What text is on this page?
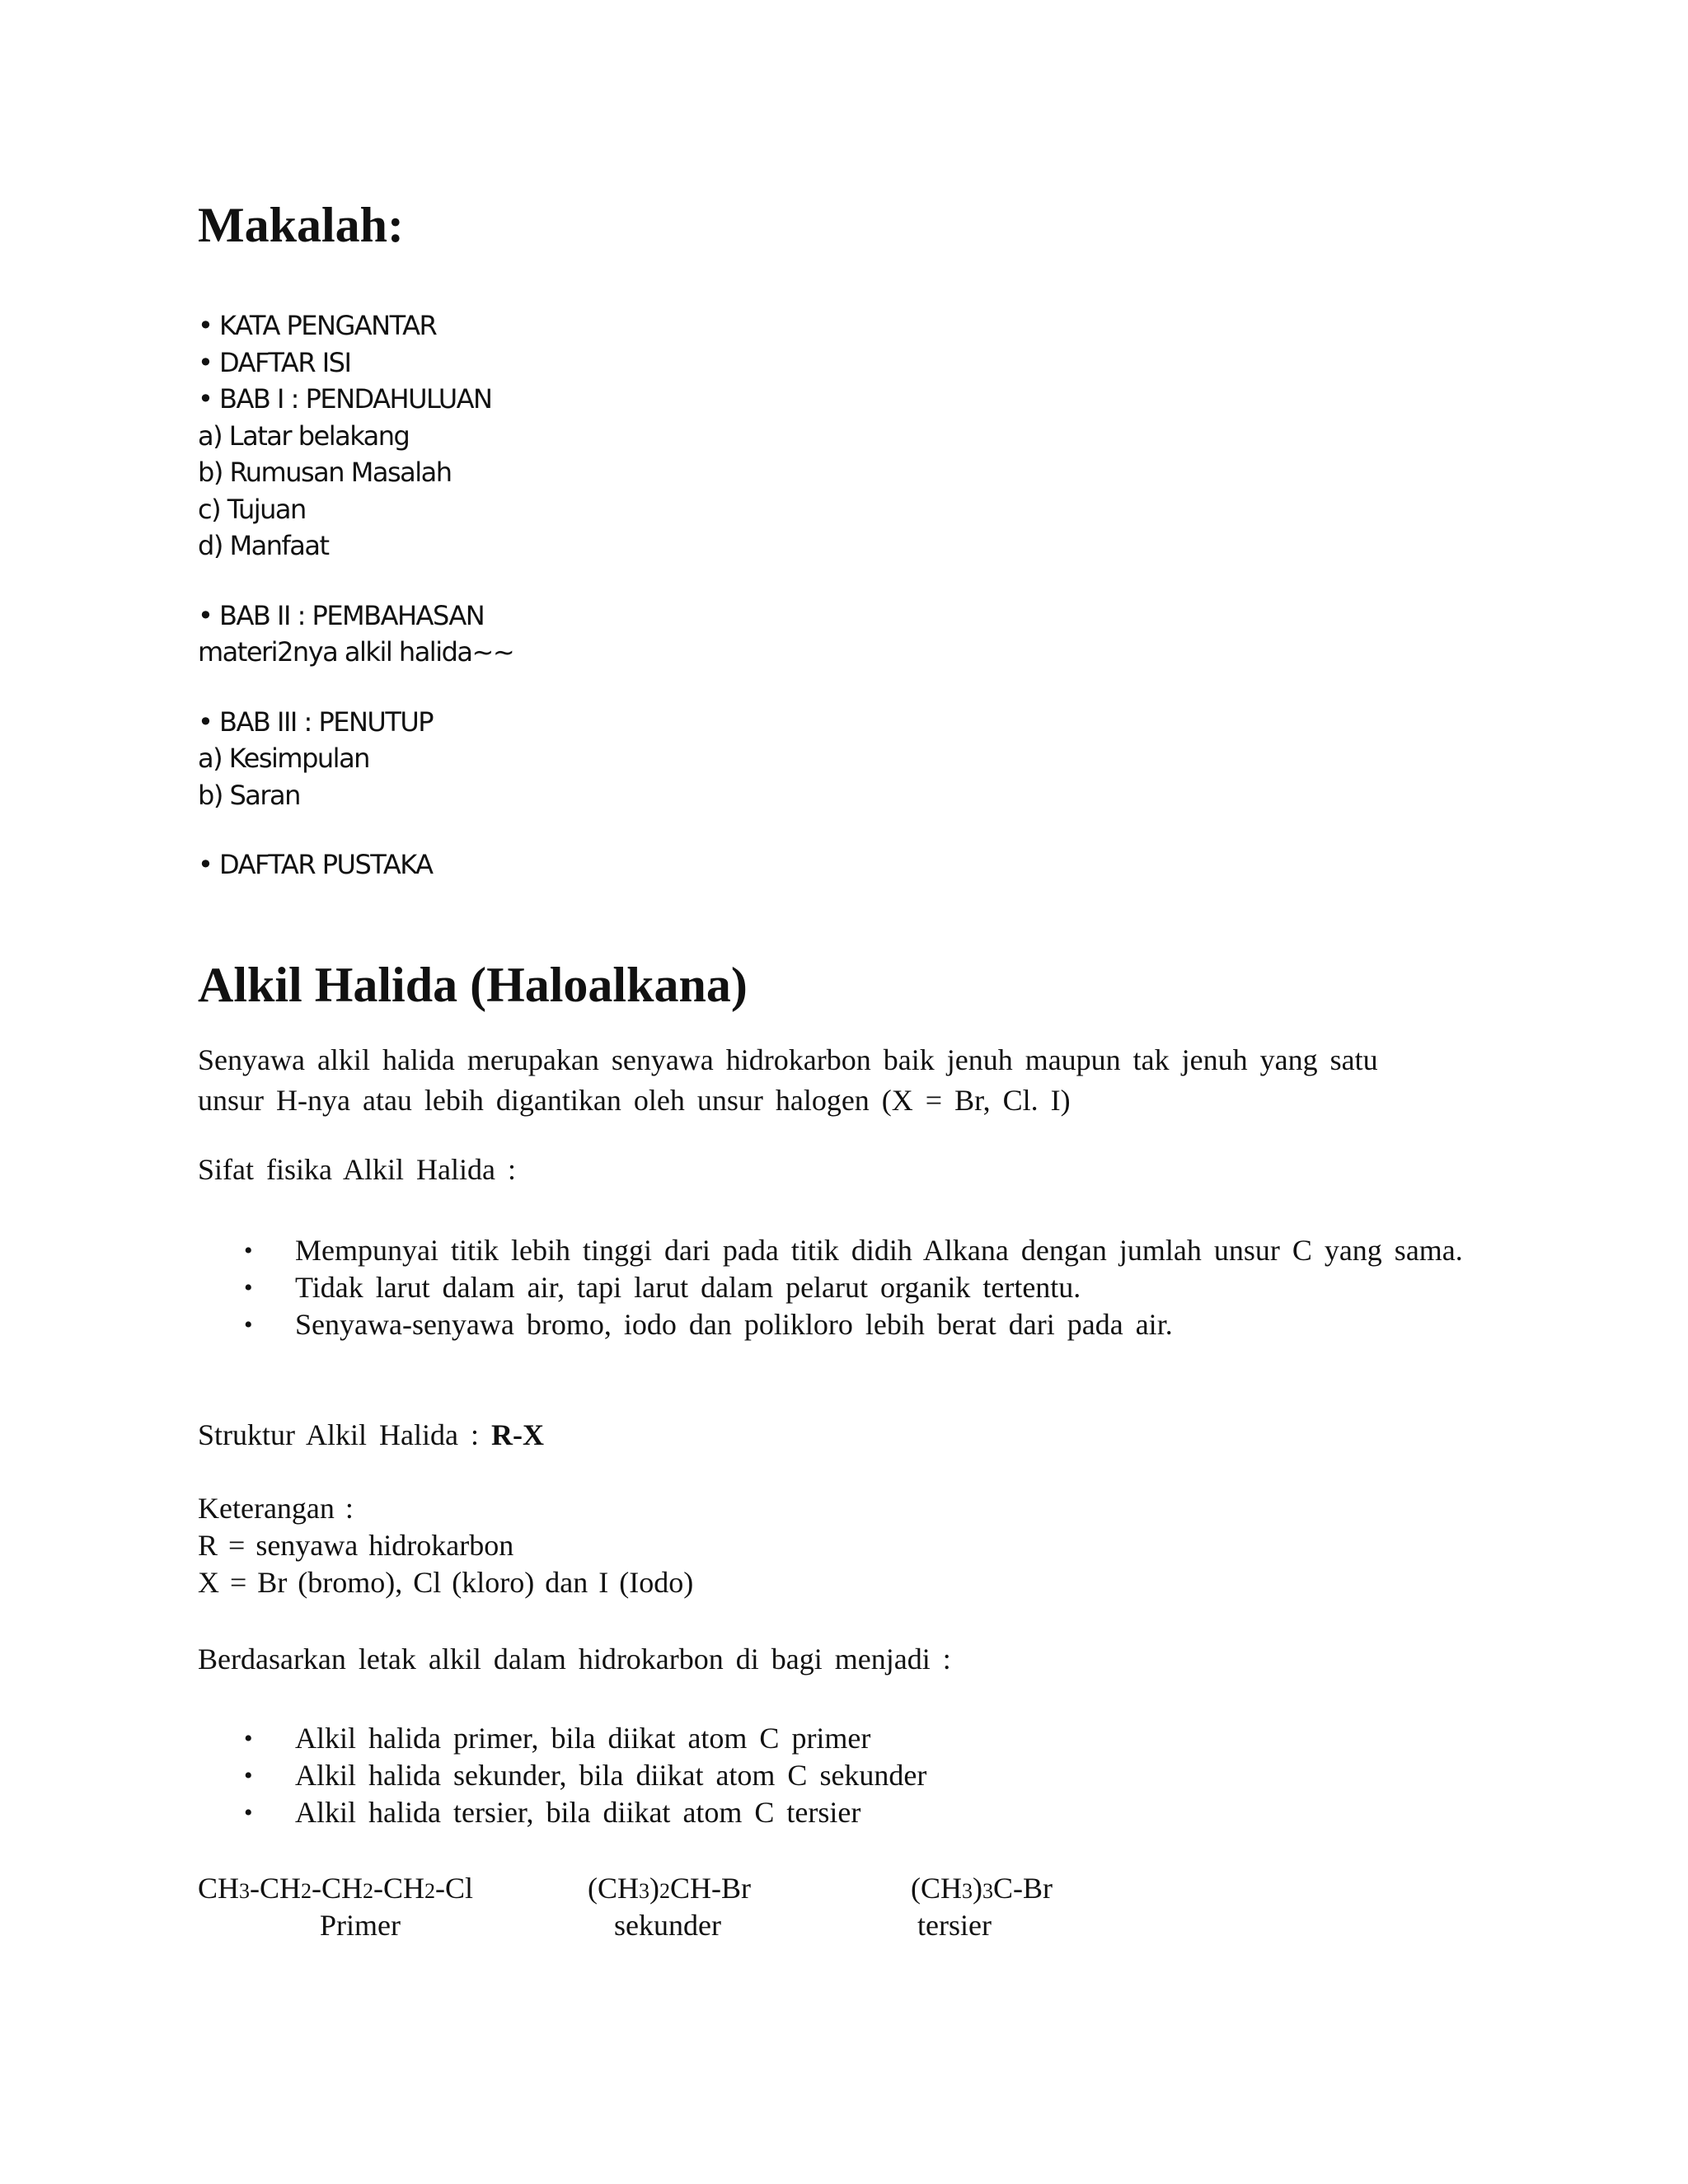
Makalah:
• KATA PENGANTAR
• DAFTAR ISI
• BAB I : PENDAHULUAN
a) Latar belakang
b) Rumusan Masalah
c) Tujuan
d) Manfaat
• BAB II : PEMBAHASAN
materi2nya alkil halida~~
• BAB III : PENUTUP
a) Kesimpulan
b) Saran
• DAFTAR PUSTAKA
Alkil Halida (Haloalkana)
Senyawa alkil halida merupakan senyawa hidrokarbon baik jenuh maupun tak jenuh yang satu
unsur H-nya atau lebih digantikan oleh unsur halogen (X = Br, Cl. I)
Sifat fisika Alkil Halida :
• Mempunyai titik lebih tinggi dari pada titik didih Alkana dengan jumlah unsur C yang sama.
• Tidak larut dalam air, tapi larut dalam pelarut organik tertentu.
• Senyawa-senyawa bromo, iodo dan polikloro lebih berat dari pada air.
Struktur Alkil Halida : R-X
Keterangan :
R = senyawa hidrokarbon
X = Br (bromo), Cl (kloro) dan I (Iodo)
Berdasarkan letak alkil dalam hidrokarbon di bagi menjadi :
• Alkil halida primer, bila diikat atom C primer
• Alkil halida sekunder, bila diikat atom C sekunder
• Alkil halida tersier, bila diikat atom C tersier
CH3-CH2-CH2-CH2-Cl
Primer
(CH3)2CH-Br
sekunder
(CH3)3C-Br
tersier
